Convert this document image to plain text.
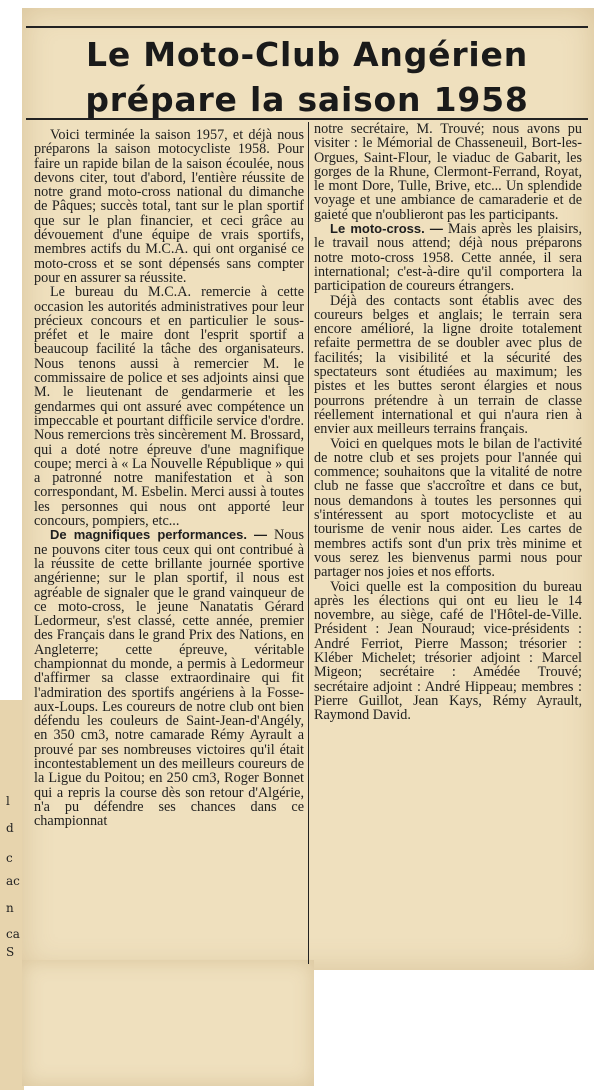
l
d
c
ac
n
ca
S
Le Moto-Club Angérien
prépare la saison 1958

Voici terminée la saison 1957, et déjà nous préparons la saison motocycliste 1958. Pour faire un rapide bilan de la saison écoulée, nous devons citer, tout d'abord, l'entière réussite de notre grand moto-cross national du dimanche de Pâques; succès total, tant sur le plan sportif que sur le plan financier, et ceci grâce au dévouement d'une équipe de vrais sportifs, membres actifs du M.C.A. qui ont organisé ce moto-cross et se sont dépensés sans compter pour en assurer sa réussite.

Le bureau du M.C.A. remercie à cette occasion les autorités administratives pour leur précieux concours et en particulier le sous-préfet et le maire dont l'esprit sportif a beaucoup facilité la tâche des organisateurs. Nous tenons aussi à remercier M. le commissaire de police et ses adjoints ainsi que M. le lieutenant de gendarmerie et les gendarmes qui ont assuré avec compétence un impeccable et pourtant difficile service d'ordre. Nous remercions très sincèrement M. Brossard, qui a doté notre épreuve d'une magnifique coupe; merci à « La Nouvelle République » qui a patronné notre manifestation et à son correspondant, M. Esbelin. Merci aussi à toutes les personnes qui nous ont apporté leur concours, pompiers, etc...

De magnifiques performances. — Nous ne pouvons citer tous ceux qui ont contribué à la réussite de cette brillante journée sportive angérienne; sur le plan sportif, il nous est agréable de signaler que le grand vainqueur de ce moto-cross, le jeune Nanatatis Gérard Ledormeur, s'est classé, cette année, premier des Français dans le grand Prix des Nations, en Angleterre; cette épreuve, véritable championnat du monde, a permis à Ledormeur d'affirmer sa classe extraordinaire qui fit l'admiration des sportifs angériens à la Fosse-aux-Loups. Les coureurs de notre club ont bien défendu les couleurs de Saint-Jean-d'Angély, en 350 cm3, notre camarade Rémy Ayrault a prouvé par ses nombreuses victoires qu'il était incontestablement un des meilleurs coureurs de la Ligue du Poitou; en 250 cm3, Roger Bonnet qui a repris la course dès son retour d'Algérie, n'a pu défendre ses chances dans ce championnat

notre secrétaire, M. Trouvé; nous avons pu visiter : le Mémorial de Chasseneuil, Bort-les-Orgues, Saint-Flour, le viaduc de Gabarit, les gorges de la Rhune, Clermont-Ferrand, Royat, le mont Dore, Tulle, Brive, etc... Un splendide voyage et une ambiance de camaraderie et de gaieté que n'oublieront pas les participants.

Le moto-cross. — Mais après les plaisirs, le travail nous attend; déjà nous préparons notre moto-cross 1958. Cette année, il sera international; c'est-à-dire qu'il comportera la participation de coureurs étrangers.

Déjà des contacts sont établis avec des coureurs belges et anglais; le terrain sera encore amélioré, la ligne droite totalement refaite permettra de se doubler avec plus de facilités; la visibilité et la sécurité des spectateurs sont étudiées au maximum; les pistes et les buttes seront élargies et nous pourrons prétendre à un terrain de classe réellement international et qui n'aura rien à envier aux meilleurs terrains français.

Voici en quelques mots le bilan de l'activité de notre club et ses projets pour l'année qui commence; souhaitons que la vitalité de notre club ne fasse que s'accroître et dans ce but, nous demandons à toutes les personnes qui s'intéressent au sport motocycliste et au tourisme de venir nous aider. Les cartes de membres actifs sont d'un prix très minime et vous serez les bienvenus parmi nous pour partager nos joies et nos efforts.

Voici quelle est la composition du bureau après les élections qui ont eu lieu le 14 novembre, au siège, café de l'Hôtel-de-Ville. Président : Jean Nouraud; vice-présidents : André Ferriot, Pierre Masson; trésorier : Kléber Michelet; trésorier adjoint : Marcel Migeon; secrétaire : Amédée Trouvé; secrétaire adjoint : André Hippeau; membres : Pierre Guillot, Jean Kays, Rémy Ayrault, Raymond David.
